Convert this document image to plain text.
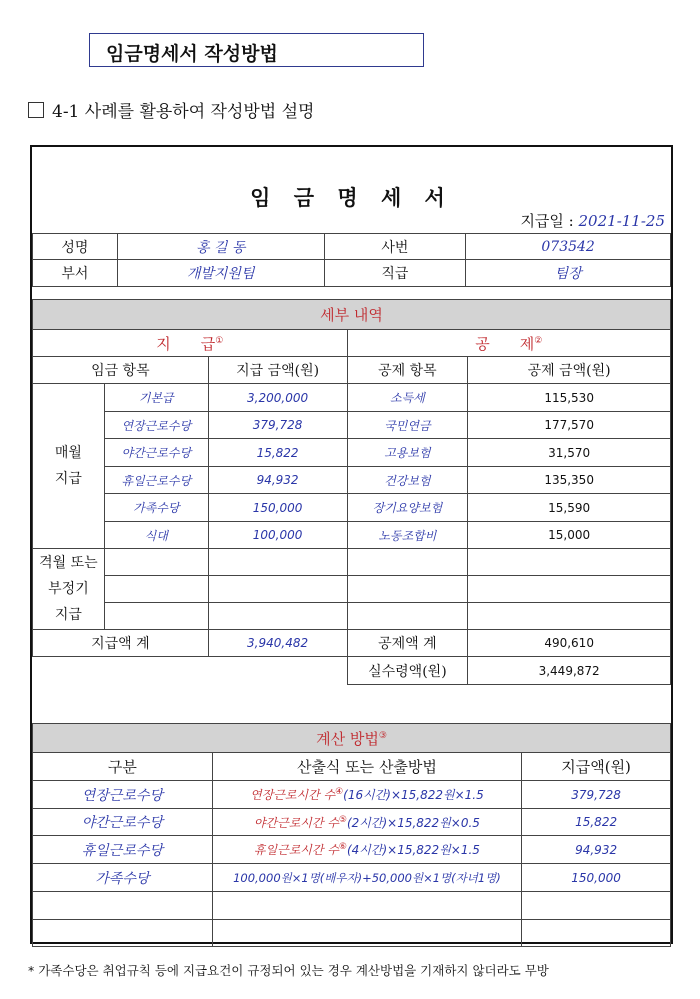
임금명세서 작성방법
4-1 사례를 활용하여 작성방법 설명
임 금 명 세 서
지급일 : 2021-11-25
성명	홍 길 동	사번	073542
부서	개발지원팀	직급	팀장
세부 내역				
지　　급①			공　　제②
임금 항목		지급 금액(원)	공제 항목	공제 금액(원)
매월
지급	기본급	3,200,000	소득세	115,530
	연장근로수당	379,728	국민연금	177,570
	야간근로수당	15,822	고용보험	31,570
	휴일근로수당	94,932	건강보험	135,350
	가족수당	150,000	장기요양보험	15,590
	식대	100,000	노동조합비	15,000
격월 또는
부정기
지급				

지급액 계		3,940,482	공제액 계	490,610
			실수령액(원)	3,449,872
계산 방법③
구분	산출식 또는 산출방법	지급액(원)
연장근로수당	연장근로시간 수④(16시간)×15,822원×1.5	379,728
야간근로수당	야간근로시간 수⑤(2시간)×15,822원×0.5	15,822
휴일근로수당	휴일근로시간 수⑥(4시간)×15,822원×1.5	94,932
가족수당	100,000원×1명(배우자)+50,000원×1명(자녀1명)	150,000

* 가족수당은 취업규칙 등에 지급요건이 규정되어 있는 경우 계산방법을 기재하지 않더라도 무방
